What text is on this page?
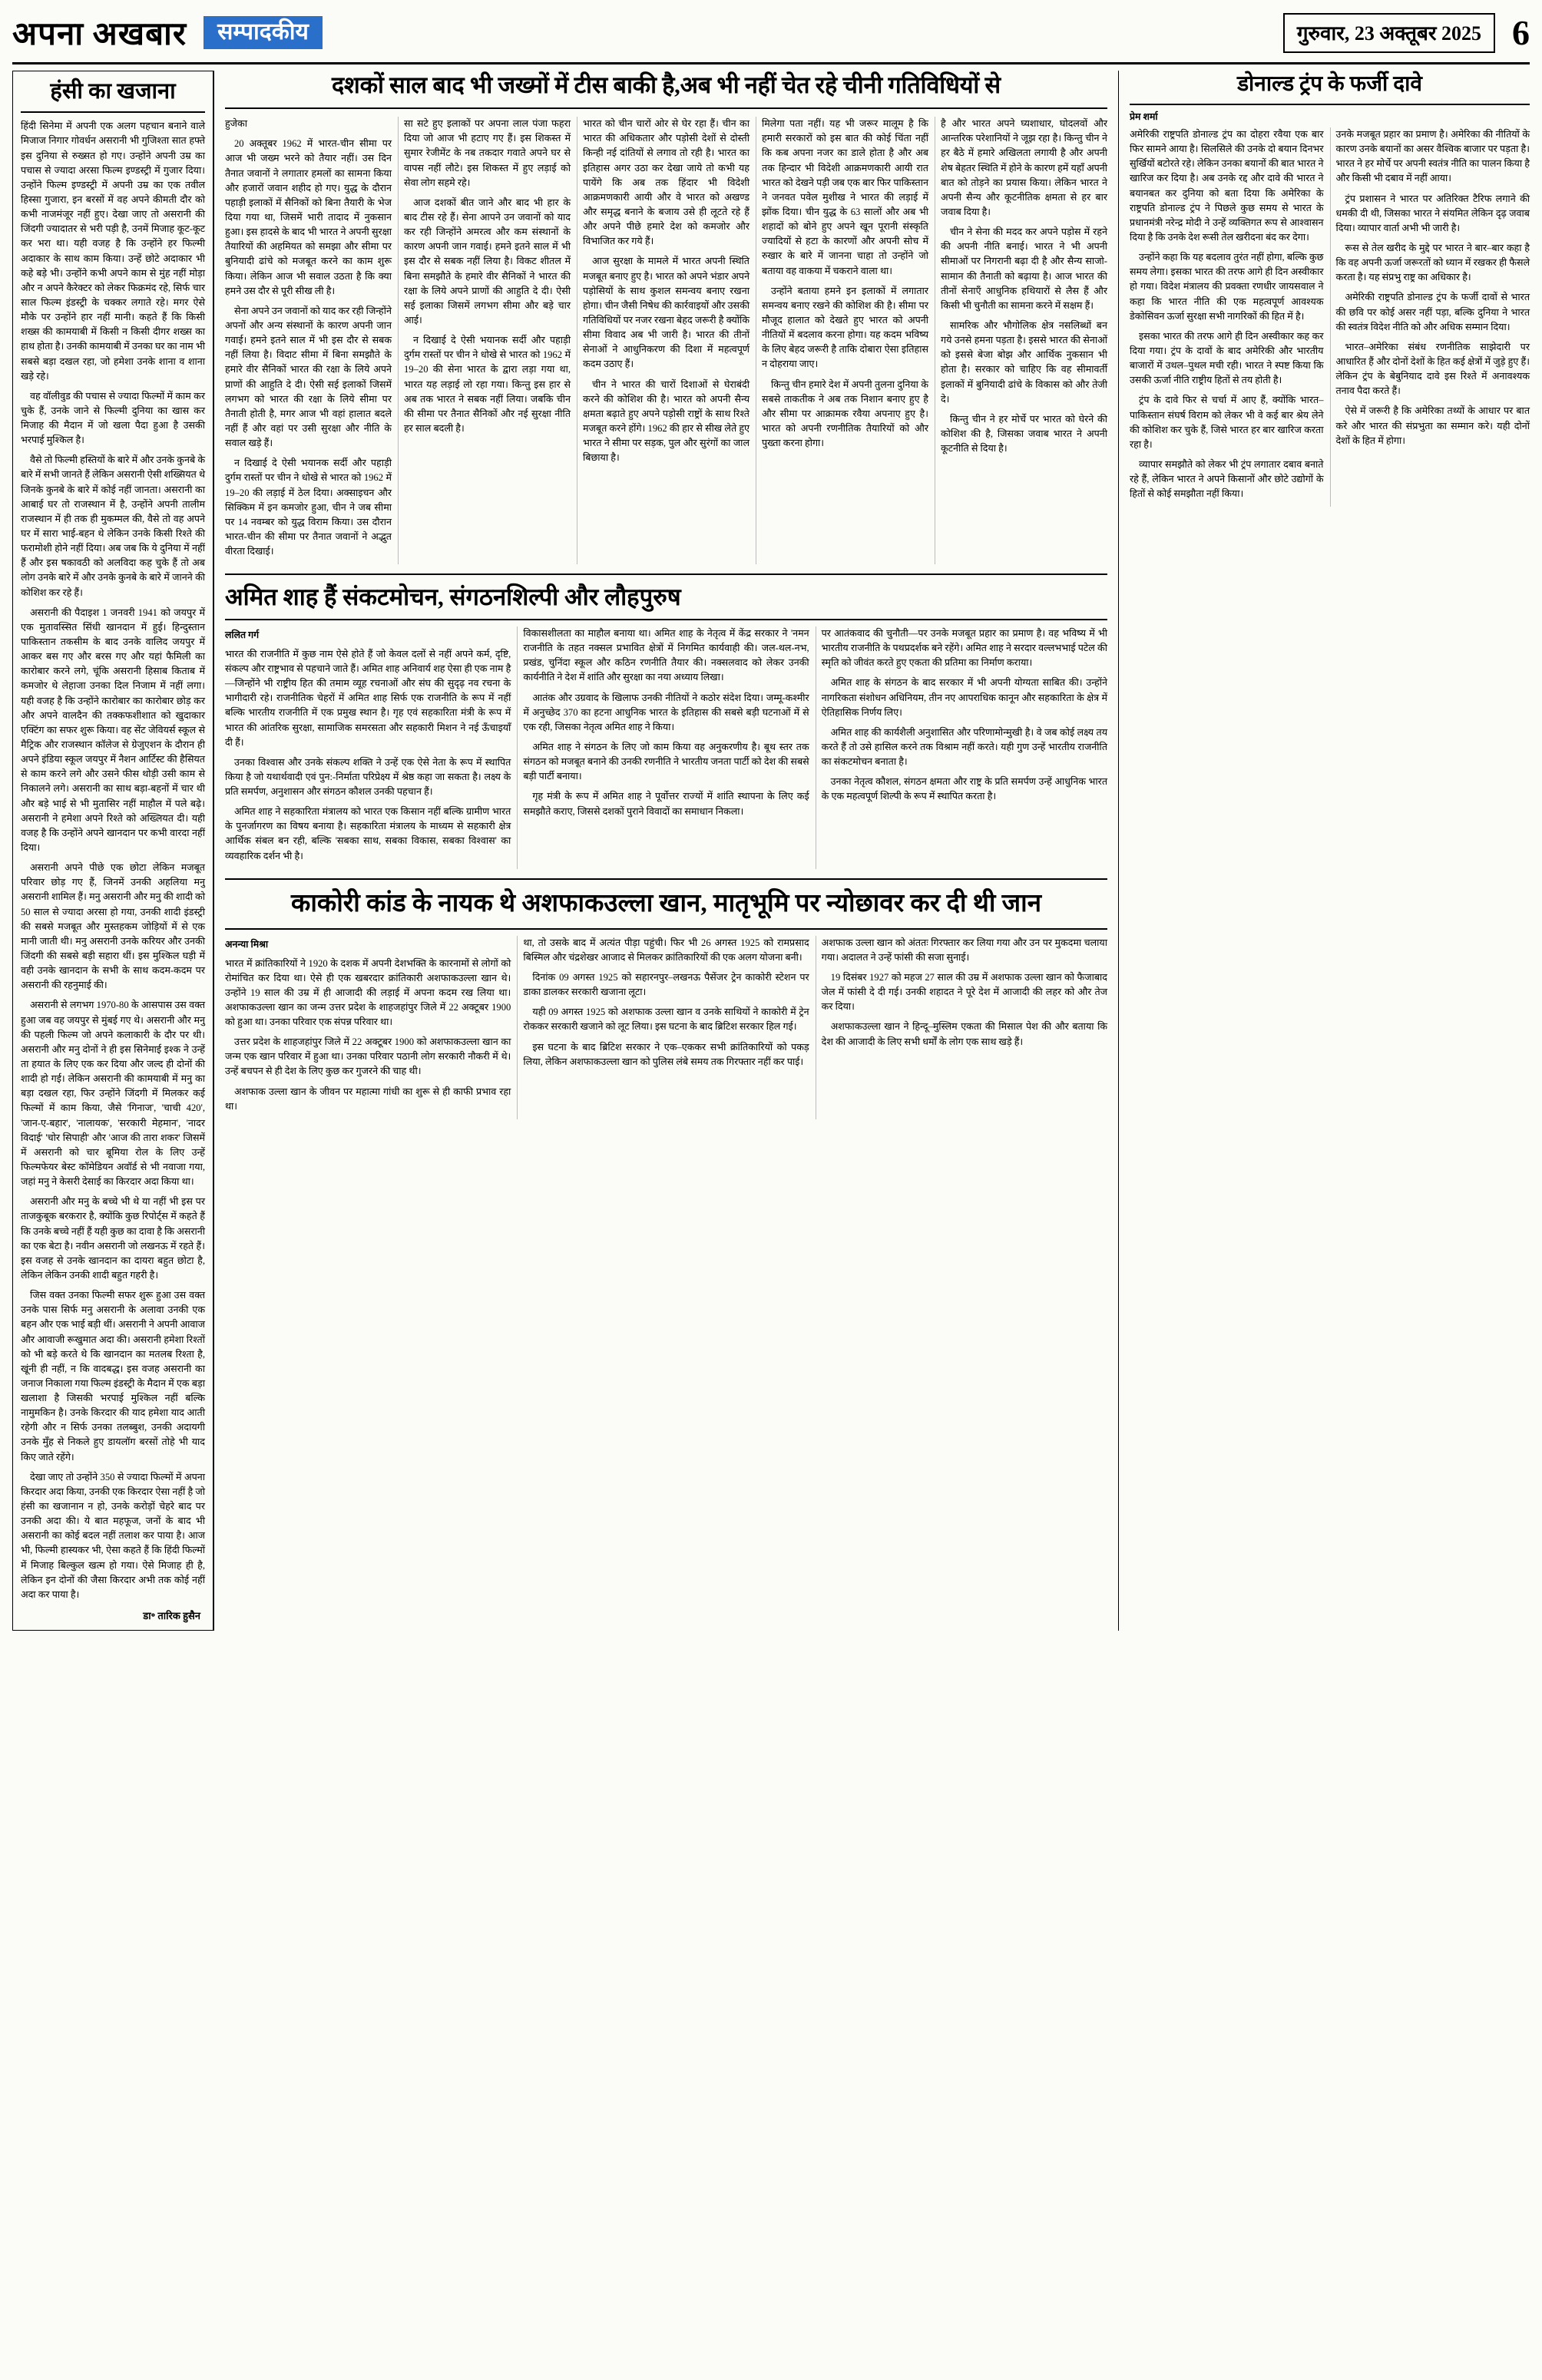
अपना अखबार	सम्पादकीय	गुरुवार, 23 अक्तूबर 2025 6
हंसी का खजाना

हिंदी सिनेमा में अपनी एक अलग पहचान बनाने वाले मिजाज निगार गोवर्धन असरानी भी गुजिश्ता सात हफ्ते इस दुनिया से रुख्सत हो गए। उन्होंने अपनी उम्र का पचास से ज्यादा अरसा फिल्म इण्डस्ट्री में गुजार दिया। उन्होंने फिल्म इण्डस्ट्री में अपनी उम्र का एक तवील हिस्सा गुजारा, इन बरसों में वह अपने कीमती दौर को कभी नाजमंजूर नहीं हुए। देखा जाए तो असरानी की जिंदगी ज्यादातर से भरी पड़ी है, उनमें मिजाह कूट-कूट कर भरा था। यही वजह है कि उन्होंने हर फिल्मी अदाकार के साथ काम किया। उन्हें छोटे अदाकार भी कहे बड़े भी। उन्होंने कभी अपने काम से मुंह नहीं मोड़ा और न अपने कैरेक्टर को लेकर फिक्रमंद रहे, सिर्फ चार साल फिल्म इंडस्ट्री के चक्कर लगाते रहे। मगर ऐसे मौके पर उन्होंने हार नहीं मानी। कहते हैं कि किसी शख्स की कामयाबी में किसी न किसी दीगर शख्स का हाथ होता है। उनकी कामयाबी में उनका घर का नाम भी सबसे बड़ा दखल रहा, जो हमेशा उनके शाना व शाना खड़े रहे।

वह वॉलीवुड की पचास से ज्यादा फिल्मों में काम कर चुके हैं, उनके जाने से फिल्मी दुनिया का खास कर मिजाह की मैदान में जो खला पैदा हुआ है उसकी भरपाई मुश्किल है।

वैसे तो फिल्मी हस्तियों के बारे में और उनके कुनबे के बारे में सभी जानते हैं लेकिन असरानी ऐसी शख्सियत थे जिनके कुनबे के बारे में कोई नहीं जानता। असरानी का आबाई घर तो राजस्थान में है, उन्होंने अपनी तालीम राजस्थान में ही तक ही मुकम्मल की, वैसे तो वह अपने घर में सारा भाई-बहन थे लेकिन उनके किसी रिश्ते की फरामोशी होने नहीं दिया। अब जब कि ये दुनिया में नहीं हैं और इस षकावठी को अलविदा कह चुके हैं तो अब लोग उनके बारे में और उनके कुनबे के बारे में जानने की कोशिश कर रहे हैं।

असरानी की पैदाइश 1 जनवरी 1941 को जयपुर में एक मुतावस्सित सिंधी खानदान में हुई। हिन्दुस्तान पाकिस्तान तकसीम के बाद उनके वालिद जयपुर में आकर बस गए और बरस गए और यहां फैमिली का कारोबार करने लगे, चूंकि असरानी हिसाब किताब में कमजोर थे लेहाजा उनका दिल निजाम में नहीं लगा। यही वजह है कि उन्होंने कारोबार का कारोबार छोड़ कर और अपने वालदैन की तक्कफशीशात को खुदाकार एक्टिंग का सफर शुरू किया। वह सेंट जेवियर्स स्कूल से मैट्रिक और राजस्थान कॉलेज से ग्रेजुएशन के दौरान ही अपने इंडिया स्कूल जयपुर में नैशन आर्टिस्ट की हैसियत से काम करने लगे और उसने फीस थोड़ी उसी काम से निकालने लगे। असरानी का साथ बड़ा-बहनों में चार थी और बड़े भाई से भी मुतासिर नहीं माहौल में पले बढ़े। असरानी ने हमेशा अपने रिश्ते को अख्लियत दी। यही वजह है कि उन्होंने अपने खानदान पर कभी वारदा नहीं दिया।

असरानी अपने पीछे एक छोटा लेकिन मजबूत परिवार छोड़ गए हैं, जिनमें उनकी अहलिया मनु असरानी शामिल हैं। मनु असरानी और मनु की शादी को 50 साल से ज्यादा अरसा हो गया, उनकी शादी इंडस्ट्री की सबसे मजबूत और मुस्तहकम जोड़ियों में से एक मानी जाती थी। मनु असरानी उनके करियर और उनकी जिंदगी की सबसे बड़ी सहारा थीं। इस मुश्किल घड़ी में वही उनके खानदान के सभी के साथ कदम-कदम पर असरानी की रहनुमाई की।

असरानी से लगभग 1970-80 के आसपास उस वक्त हुआ जब वह जयपुर से मुंबई गए थे। असरानी और मनु की पहली फिल्म जो अपने कलाकारी के दौर पर थी। असरानी और मनु दोनों ने ही इस सिनेमाई इश्क ने उन्हें ता हयात के लिए एक कर दिया और जल्द ही दोनों की शादी हो गई। लेकिन असरानी की कामयाबी में मनु का बड़ा दखल रहा, फिर उन्होंने जिंदगी में मिलकर कई फिल्मों में काम किया, जैसे 'गिनाज', 'चाची 420', 'जान-ए-बहार', 'नालायक', 'सरकारी मेहमान', 'नादर विदाई' 'चोर सिपाही' और 'आज की तारा शकर' जिसमें में असरानी को चार बूमिया रोल के लिए उन्हें फिल्मफेयर बेस्ट कॉमेडियन अवॉर्ड से भी नवाजा गया, जहां मनु ने केसरी देसाई का किरदार अदा किया था।

असरानी और मनु के बच्चे भी थे या नहीं भी इस पर ताजकुबूक बरकरार है, क्योंकि कुछ रिपोर्ट्स में कहते हैं कि उनके बच्चे नहीं हैं यही कुछ का दावा है कि असरानी का एक बेटा है। नवीन असरानी जो लखनऊ में रहते हैं। इस वजह से उनके खानदान का दायरा बहुत छोटा है, लेकिन लेकिन उनकी शादी बहुत गहरी है।

जिस वक्त उनका फिल्मी सफर शुरू हुआ उस वक्त उनके पास सिर्फ मनु असरानी के अलावा उनकी एक बहन और एक भाई बड़ी थीं। असरानी ने अपनी आवाज और आवाजी रूखुमात अदा की। असरानी हमेशा रिश्तों को भी बड़े करते थे कि खानदान का मतलब रिश्ता है, खूंनी ही नहीं, न कि वादबद्ध। इस वजह असरानी का जनाज निकाला गया फिल्म इंडस्ट्री के मैदान में एक बड़ा खलाशा है जिसकी भरपाई मुश्किल नहीं बल्कि नामुमकिन है। उनके किरदार की याद हमेशा याद आती रहेगी और न सिर्फ उनका तलब्बुश, उनकी अदायगी उनके मुँह से निकले हुए डायलॉग बरसों तोहे भी याद किए जाते रहेंगे।

देखा जाए तो उन्होंने 350 से ज्यादा फिल्मों में अपना किरदार अदा किया, उनकी एक किरदार ऐसा नहीं है जो हंसी का खजानान न हो, उनके करोड़ों चेहरे बाद पर उनकी अदा की। ये बात महफूज, जनों के बाद भी असरानी का कोई बदल नहीं तलाश कर पाया है। आज भी, फिल्मी हास्यकर भी, ऐसा कहते हैं कि हिंदी फिल्मों में मिजाह बिल्कुल खत्म हो गया। ऐसे मिजाह ही है, लेकिन इन दोनों की जैसा किरदार अभी तक कोई नहीं अदा कर पाया है।

डा॰ तारिक हुसैन
दशकों साल बाद भी जख्मों में टीस बाकी है,अब भी नहीं चेत रहे चीनी गतिविधियों से

हुजेका

20 अक्तूबर 1962 में भारत-चीन सीमा पर आज भी जख्म भरने को तैयार नहीं। उस दिन तैनात जवानों ने लगातार हमलों का सामना किया और हजारों जवान शहीद हो गए। युद्ध के दौरान पहाड़ी इलाकों में सैनिकों को बिना तैयारी के भेज दिया गया था, जिसमें भारी तादाद में नुकसान हुआ। इस हादसे के बाद भी भारत ने अपनी सुरक्षा तैयारियों की अहमियत को समझा और सीमा पर बुनियादी ढांचे को मजबूत करने का काम शुरू किया। लेकिन आज भी सवाल उठता है कि क्या हमने उस दौर से पूरी सीख ली है।

सेना अपने उन जवानों को याद कर रही जिन्होंने अपनों और अन्य संस्थानों के कारण अपनी जान गवाई। हमने इतने साल में भी इस दौर से सबक नहीं लिया है। विदाट सीमा में बिना समझौते के हमारे वीर सैनिकों भारत की रक्षा के लिये अपने प्राणों की आहुति दे दी। ऐसी सई इलाकों जिसमें लगभग को भारत की रक्षा के लिये सीमा पर तैनाती होती है, मगर आज भी वहां हालात बदले नहीं हैं और वहां पर उसी सुरक्षा और नीति के सवाल खड़े हैं।

न दिखाई दे ऐसी भयानक सर्दी और पहाड़ी दुर्गम रास्तों पर चीन ने धोखे से भारत को 1962 में 19–20 की लड़ाई में ठेल दिया। अक्साइचन और सिक्किम में इन कमजोर हुआ, चीन ने जब सीमा पर 14 नवम्बर को युद्ध विराम किया। उस दौरान भारत-चीन की सीमा पर तैनात जवानों ने अद्भुत वीरता दिखाई।

सा सटे हुए इलाकों पर अपना लाल पंजा फहरा दिया जो आज भी हटाए गए हैं। इस शिकस्त में सुमार रेजीमेंट के नब तकदार गवाते अपने घर से वापस नहीं लौटे। इस शिकस्त में हुए लड़ाई को सेवा लोग सहमे रहे।

आज दशकों बीत जाने और बाद भी हार के बाद टीस रहे हैं। सेना आपने उन जवानों को याद कर रही जिन्होंने अमरत्व और कम संस्थानों के कारण अपनी जान गवाई। हमने इतने साल में भी इस दौर से सबक नहीं लिया है। विकट शीतल में बिना समझौते के हमारे वीर सैनिकों ने भारत की रक्षा के लिये अपने प्राणों की आहुति दे दी। ऐसी सई इलाका जिसमें लगभग सीमा और बड़े चार आई।

न दिखाई दे ऐसी भयानक सर्दी और पहाड़ी दुर्गम रास्तों पर चीन ने धोखे से भारत को 1962 में 19–20 की सेना भारत के द्वारा लड़ा गया था, भारत यह लड़ाई लो रहा गया। किन्तु इस हार से अब तक भारत ने सबक नहीं लिया। जबकि चीन की सीमा पर तैनात सैनिकों और नई सुरक्षा नीति हर साल बदली है।

भारत को चीन चारों ओर से घेर रहा हैं। चीन का भारत की अधिकतार और पड़ोसी देशों से दोस्ती किन्ही नई दांतियों से लगाव तो रही है। भारत का इतिहास अगर उठा कर देखा जाये तो कभी यह पायेंगे कि अब तक हिंदार भी विदेशी आक्रमणकारी आयी और वे भारत को अखण्ड और समृद्ध बनाने के बजाय उसे ही लूटते रहे हैं और अपने पीछे हमारे देश को कमजोर और विभाजित कर गये हैं।

आज सुरक्षा के मामले में भारत अपनी स्थिति मजबूत बनाए हुए है। भारत को अपने भंडार अपने पड़ोसियों के साथ कुशल समन्वय बनाए रखना होगा। चीन जैसी निषेध की कार्रवाइयों और उसकी गतिविधियों पर नजर रखना बेहद जरूरी है क्योंकि सीमा विवाद अब भी जारी है। भारत की तीनों सेनाओं ने आधुनिकरण की दिशा में महत्वपूर्ण कदम उठाए हैं।

चीन ने भारत की चारों दिशाओं से घेराबंदी करने की कोशिश की है। भारत को अपनी सैन्य क्षमता बढ़ाते हुए अपने पड़ोसी राष्ट्रों के साथ रिश्ते मजबूत करने होंगे। 1962 की हार से सीख लेते हुए भारत ने सीमा पर सड़क, पुल और सुरंगों का जाल बिछाया है।

मिलेगा पता नहीं। यह भी जरूर मालूम है कि हमारी सरकारों को इस बात की कोई चिंता नहीं कि कब अपना नजर का डाले होता है और अब तक हिन्दार भी विदेशी आक्रमणकारी आयी रात भारत को देखने पड़ी जब एक बार फिर पाकिस्तान ने जनवत पवेल मुशीख ने भारत की लड़ाई में झोंक दिया। चीन युद्ध के 63 सालों और अब भी शहादों को बोने हुए अपने खून पूरानी संस्कृति ज्यादियों से हटा के कारणों और अपनी सोच में रुखार के बारे में जानना चाहा तो उन्होंने जो बताया वह वाकया में चकराने वाला था।

उन्होंने बताया हमने इन इलाकों में लगातार समन्वय बनाए रखने की कोशिश की है। सीमा पर मौजूद हालात को देखते हुए भारत को अपनी नीतियों में बदलाव करना होगा। यह कदम भविष्य के लिए बेहद जरूरी है ताकि दोबारा ऐसा इतिहास न दोहराया जाए।

किन्तु चीन हमारे देश में अपनी तुलना दुनिया के सबसे ताकतीक ने अब तक निशान बनाए हुए है और सीमा पर आक्रामक रवैया अपनाए हुए है। भारत को अपनी रणनीतिक तैयारियों को और पुख्ता करना होगा।

है और भारत अपने घ्यशाधार, घोदलवों और आन्तरिक परेशानियों ने जूझ रहा है। किन्तु चीन ने हर बैठे में हमारे अखिलता लगायी है और अपनी शेष बेहतर स्थिति में होने के कारण हमें यहाँ अपनी बात को तोड़ने का प्रयास किया। लेकिन भारत ने अपनी सैन्य और कूटनीतिक क्षमता से हर बार जवाब दिया है।

चीन ने सेना की मदद कर अपने पड़ोस में रहने की अपनी नीति बनाई। भारत ने भी अपनी सीमाओं पर निगरानी बढ़ा दी है और सैन्य साजो-सामान की तैनाती को बढ़ाया है। आज भारत की तीनों सेनाएँ आधुनिक हथियारों से लैस हैं और किसी भी चुनौती का सामना करने में सक्षम हैं।

सामरिक और भौगोलिक क्षेत्र नसलिब्धों बन गये उनसे हमना पड़ता है। इससे भारत की सेनाओं को इससे बेजा बोझ और आर्थिक नुकसान भी होता है। सरकार को चाहिए कि वह सीमावर्ती इलाकों में बुनियादी ढांचे के विकास को और तेजी दे।

किन्तु चीन ने हर मोर्चे पर भारत को घेरने की कोशिश की है, जिसका जवाब भारत ने अपनी कूटनीति से दिया है।

अमित शाह हैं संकटमोचन, संगठनशिल्पी और लौहपुरुष
ललित गर्ग

भारत की राजनीति में कुछ नाम ऐसे होते हैं जो केवल दलों से नहीं अपने कर्म, दृष्टि, संकल्प और राष्ट्रभाव से पहचाने जाते हैं। अमित शाह अनिवार्य शह ऐसा ही एक नाम है—जिन्होंने भी राष्ट्रीय हित की तमाम व्यूह रचनाओं और संघ की सुदृढ़ नव रचना के भागीदारी रहे। राजनीतिक चेहरों में अमित शाह सिर्फ एक राजनीति के रूप में नहीं बल्कि भारतीय राजनीति में एक प्रमुख स्थान है। गृह एवं सहकारिता मंत्री के रूप में भारत की आंतरिक सुरक्षा, सामाजिक समरसता और सहकारी मिशन ने नई ऊँचाइयाँ दी हैं।

उनका विश्वास और उनके संकल्प शक्ति ने उन्हें एक ऐसे नेता के रूप में स्थापित किया है जो यथार्थवादी एवं पुन:-निर्माता परिप्रेक्ष्य में श्रेष्ठ कहा जा सकता है। लक्ष्य के प्रति समर्पण, अनुशासन और संगठन कौशल उनकी पहचान हैं।

अमित शाह ने सहकारिता मंत्रालय को भारत एक किसान नहीं बल्कि ग्रामीण भारत के पुनर्जागरण का विषय बनाया है। सहकारिता मंत्रालय के माध्यम से सहकारी क्षेत्र आर्थिक संबल बन रही, बल्कि 'सबका साथ, सबका विकास, सबका विश्वास' का व्यवहारिक दर्शन भी है।

विकासशीलता का माहौल बनाया था। अमित शाह के नेतृत्व में केंद्र सरकार ने 'नमन राजनीति के तहत नक्सल प्रभावित क्षेत्रों में निगमित कार्यवाही की। जल-थल-नभ, प्रखंड, चुनिंदा स्कूल और कठिन रणनीति तैयार की। नक्सलवाद को लेकर उनकी कार्यनीति ने देश में शांति और सुरक्षा का नया अध्याय लिखा।

आतंक और उग्रवाद के खिलाफ उनकी नीतियों ने कठोर संदेश दिया। जम्मू-कश्मीर में अनुच्छेद 370 का हटना आधुनिक भारत के इतिहास की सबसे बड़ी घटनाओं में से एक रही, जिसका नेतृत्व अमित शाह ने किया।

अमित शाह ने संगठन के लिए जो काम किया वह अनुकरणीय है। बूथ स्तर तक संगठन को मजबूत बनाने की उनकी रणनीति ने भारतीय जनता पार्टी को देश की सबसे बड़ी पार्टी बनाया।

गृह मंत्री के रूप में अमित शाह ने पूर्वोत्तर राज्यों में शांति स्थापना के लिए कई समझौते कराए, जिससे दशकों पुराने विवादों का समाधान निकला।

पर आतंकवाद की चुनौती—पर उनके मजबूत प्रहार का प्रमाण है। वह भविष्य में भी भारतीय राजनीति के पथप्रदर्शक बने रहेंगे। अमित शाह ने सरदार वल्लभभाई पटेल की स्मृति को जीवंत करते हुए एकता की प्रतिमा का निर्माण कराया।

अमित शाह के संगठन के बाद सरकार में भी अपनी योग्यता साबित की। उन्होंने नागरिकता संशोधन अधिनियम, तीन नए आपराधिक कानून और सहकारिता के क्षेत्र में ऐतिहासिक निर्णय लिए।

अमित शाह की कार्यशैली अनुशासित और परिणामोन्मुखी है। वे जब कोई लक्ष्य तय करते हैं तो उसे हासिल करने तक विश्राम नहीं करते। यही गुण उन्हें भारतीय राजनीति का संकटमोचन बनाता है।

उनका नेतृत्व कौशल, संगठन क्षमता और राष्ट्र के प्रति समर्पण उन्हें आधुनिक भारत के एक महत्वपूर्ण शिल्पी के रूप में स्थापित करता है।

काकोरी कांड के नायक थे अशफाकउल्ला खान, मातृभूमि पर न्योछावर कर दी थी जान
अनन्या मिश्रा

भारत में क्रांतिकारियों ने 1920 के दशक में अपनी देशभक्ति के कारनामों से लोगों को रोमांचित कर दिया था। ऐसे ही एक खबरदार क्रांतिकारी अशफाकउल्ला खान थे। उन्होंने 19 साल की उम्र में ही आजादी की लड़ाई में अपना कदम रख लिया था। अशफाकउल्ला खान का जन्म उत्तर प्रदेश के शाहजहांपुर जिले में 22 अक्टूबर 1900 को हुआ था। उनका परिवार एक संपन्न परिवार था।

उत्तर प्रदेश के शाहजहांपुर जिले में 22 अक्टूबर 1900 को अशफाकउल्ला खान का जन्म एक खान परिवार में हुआ था। उनका परिवार पठानी लोग सरकारी नौकरी में थे। उन्हें बचपन से ही देश के लिए कुछ कर गुजरने की चाह थी।

अशफाक उल्ला खान के जीवन पर महात्मा गांधी का शुरू से ही काफी प्रभाव रहा था।

था, तो उसके बाद में अत्यंत पीड़ा पहुंची। फिर भी 26 अगस्त 1925 को रामप्रसाद बिस्मिल और चंद्रशेखर आजाद से मिलकर क्रांतिकारियों की एक अलग योजना बनी।

दिनांक 09 अगस्त 1925 को सहारनपुर–लखनऊ पैसेंजर ट्रेन काकोरी स्टेशन पर डाका डालकर सरकारी खजाना लूटा।

यही 09 अगस्त 1925 को अशफाक उल्ला खान व उनके साथियों ने काकोरी में ट्रेन रोककर सरकारी खजाने को लूट लिया। इस घटना के बाद ब्रिटिश सरकार हिल गई।

इस घटना के बाद ब्रिटिश सरकार ने एक–एककर सभी क्रांतिकारियों को पकड़ लिया, लेकिन अशफाकउल्ला खान को पुलिस लंबे समय तक गिरफ्तार नहीं कर पाई।

अशफाक उल्ला खान को अंततः गिरफ्तार कर लिया गया और उन पर मुकदमा चलाया गया। अदालत ने उन्हें फांसी की सजा सुनाई।

19 दिसंबर 1927 को महज 27 साल की उम्र में अशफाक उल्ला खान को फैजाबाद जेल में फांसी दे दी गई। उनकी शहादत ने पूरे देश में आजादी की लहर को और तेज कर दिया।

अशफाकउल्ला खान ने हिन्दू–मुस्लिम एकता की मिसाल पेश की और बताया कि देश की आजादी के लिए सभी धर्मों के लोग एक साथ खड़े हैं।

डोनाल्ड ट्रंप के फर्जी दावे
प्रेम शर्मा

अमेरिकी राष्ट्रपति डोनाल्ड ट्रंप का दोहरा रवैया एक बार फिर सामने आया है। सिलसिले की उनके दो बयान दिनभर सुर्खियों बटोरते रहे। लेकिन उनका बयानों की बात भारत ने खारिज कर दिया है। अब उनके रद्द और दावे की भारत ने बयानबत कर दुनिया को बता दिया कि अमेरिका के राष्ट्रपति डोनाल्ड ट्रंप ने पिछले कुछ समय से भारत के प्रधानमंत्री नरेन्द्र मोदी ने उन्हें व्यक्तिगत रूप से आश्वासन दिया है कि उनके देश रूसी तेल खरीदना बंद कर देगा।

उन्होंने कहा कि यह बदलाव तुरंत नहीं होगा, बल्कि कुछ समय लेगा। इसका भारत की तरफ आगे ही दिन अस्वीकार हो गया। विदेश मंत्रालय की प्रवक्ता रणधीर जायसवाल ने कहा कि भारत नीति की एक महत्वपूर्ण आवश्यक डेकोसिवन ऊर्जा सुरक्षा सभी नागरिकों की हित में है।

इसका भारत की तरफ आगे ही दिन अस्वीकार कह कर दिया गया। ट्रंप के दावों के बाद अमेरिकी और भारतीय बाजारों में उथल–पुथल मची रही। भारत ने स्पष्ट किया कि उसकी ऊर्जा नीति राष्ट्रीय हितों से तय होती है।

ट्रंप के दावे फिर से चर्चा में आए हैं, क्योंकि भारत–पाकिस्तान संघर्ष विराम को लेकर भी वे कई बार श्रेय लेने की कोशिश कर चुके हैं, जिसे भारत हर बार खारिज करता रहा है।

व्यापार समझौते को लेकर भी ट्रंप लगातार दबाव बनाते रहे हैं, लेकिन भारत ने अपने किसानों और छोटे उद्योगों के हितों से कोई समझौता नहीं किया।

उनके मजबूत प्रहार का प्रमाण है। अमेरिका की नीतियों के कारण उनके बयानों का असर वैश्विक बाजार पर पड़ता है। भारत ने हर मोर्चे पर अपनी स्वतंत्र नीति का पालन किया है और किसी भी दबाव में नहीं आया।

ट्रंप प्रशासन ने भारत पर अतिरिक्त टैरिफ लगाने की धमकी दी थी, जिसका भारत ने संयमित लेकिन दृढ़ जवाब दिया। व्यापार वार्ता अभी भी जारी है।

रूस से तेल खरीद के मुद्दे पर भारत ने बार–बार कहा है कि वह अपनी ऊर्जा जरूरतों को ध्यान में रखकर ही फैसले करता है। यह संप्रभु राष्ट्र का अधिकार है।

अमेरिकी राष्ट्रपति डोनाल्ड ट्रंप के फर्जी दावों से भारत की छवि पर कोई असर नहीं पड़ा, बल्कि दुनिया ने भारत की स्वतंत्र विदेश नीति को और अधिक सम्मान दिया।

भारत–अमेरिका संबंध रणनीतिक साझेदारी पर आधारित हैं और दोनों देशों के हित कई क्षेत्रों में जुड़े हुए हैं। लेकिन ट्रंप के बेबुनियाद दावे इस रिश्ते में अनावश्यक तनाव पैदा करते हैं।

ऐसे में जरूरी है कि अमेरिका तथ्यों के आधार पर बात करे और भारत की संप्रभुता का सम्मान करे। यही दोनों देशों के हित में होगा।
